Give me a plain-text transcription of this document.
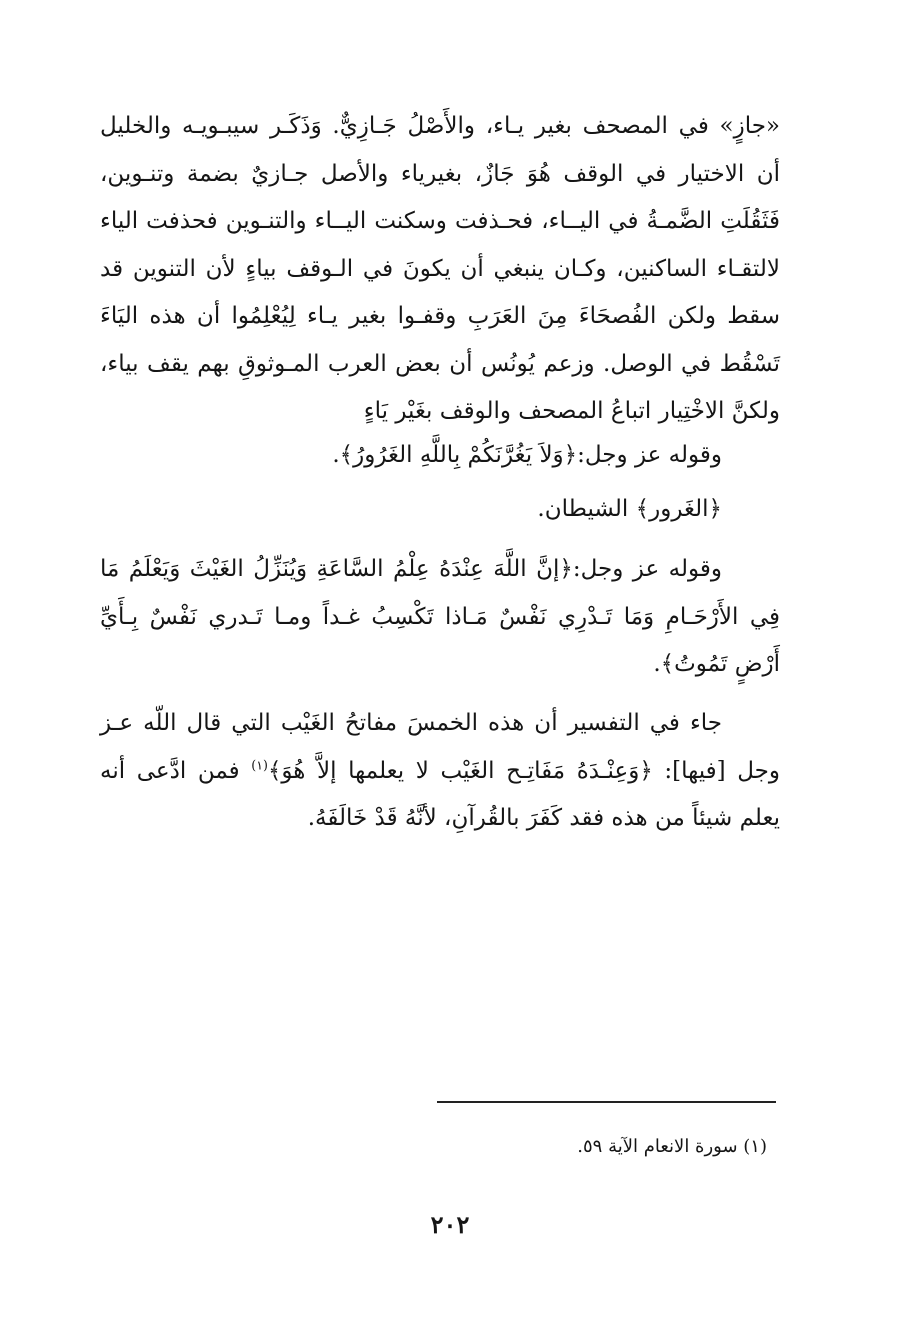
«جازٍ» في المصحف بغير يـاء، والأَصْلُ جَـازِيٌّ. وَذَكَـر سيبـويـه والخليل أن الاختيار في الوقف هُوَ جَازٌ، بغيرياء والأصل جـازيٌ بضمة وتنـوين، فَثَقُلَتِ الضَّمـةُ في اليــاء، فحـذفت وسكنت اليــاء والتنـوين فحذفت الياء لالتقـاء الساكنين، وكـان ينبغي أن يكونَ في الـوقف بياءٍ لأن التنوين قد سقط ولكن الفُصحَاءَ مِنَ العَرَبِ وقفـوا بغير يـاء لِيُعْلِمُوا أن هذه اليَاءَ تَسْقُط في الوصل. وزعم يُونُس أن بعض العرب المـوثوقِ بهم يقف بياء، ولكنَّ الاخْتِيار اتباعُ المصحف والوقف بغَيْر يَاءٍ

وقوله عز وجل:﴿وَلاَ يَغُرَّنَكُمْ بِاللَّهِ الغَرُورُ﴾.

﴿الغَرور﴾ الشيطان.

وقوله عز وجل:﴿إنَّ اللَّهَ عِنْدَهُ عِلْمُ السَّاعَةِ وَيُنَزِّلُ الغَيْثَ وَيَعْلَمُ مَا فِي الأَرْحَـامِ وَمَا تَـدْرِي نَفْسٌ مَـاذا تَكْسِبُ غـداً ومـا تَـدري نَفْسٌ بِـأَيِّ أَرْضٍ تَمُوتُ﴾.

جاء في التفسير أن هذه الخمسَ مفاتحُ الغَيْب التي قال اللّه عـز وجل [فيها]: ﴿وَعِنْـدَهُ مَفَاتِـح الغَيْب لا يعلمها إلاَّ هُوَ﴾$^{(١)}$ فمن ادَّعى أنه يعلم شيئاً من هذه فقد كَفَرَ بالقُرآنِ، لأنَّهُ قَدْ خَالَفَهُ.

(١) سورة الانعام الآية ٥٩.

٢٠٢
